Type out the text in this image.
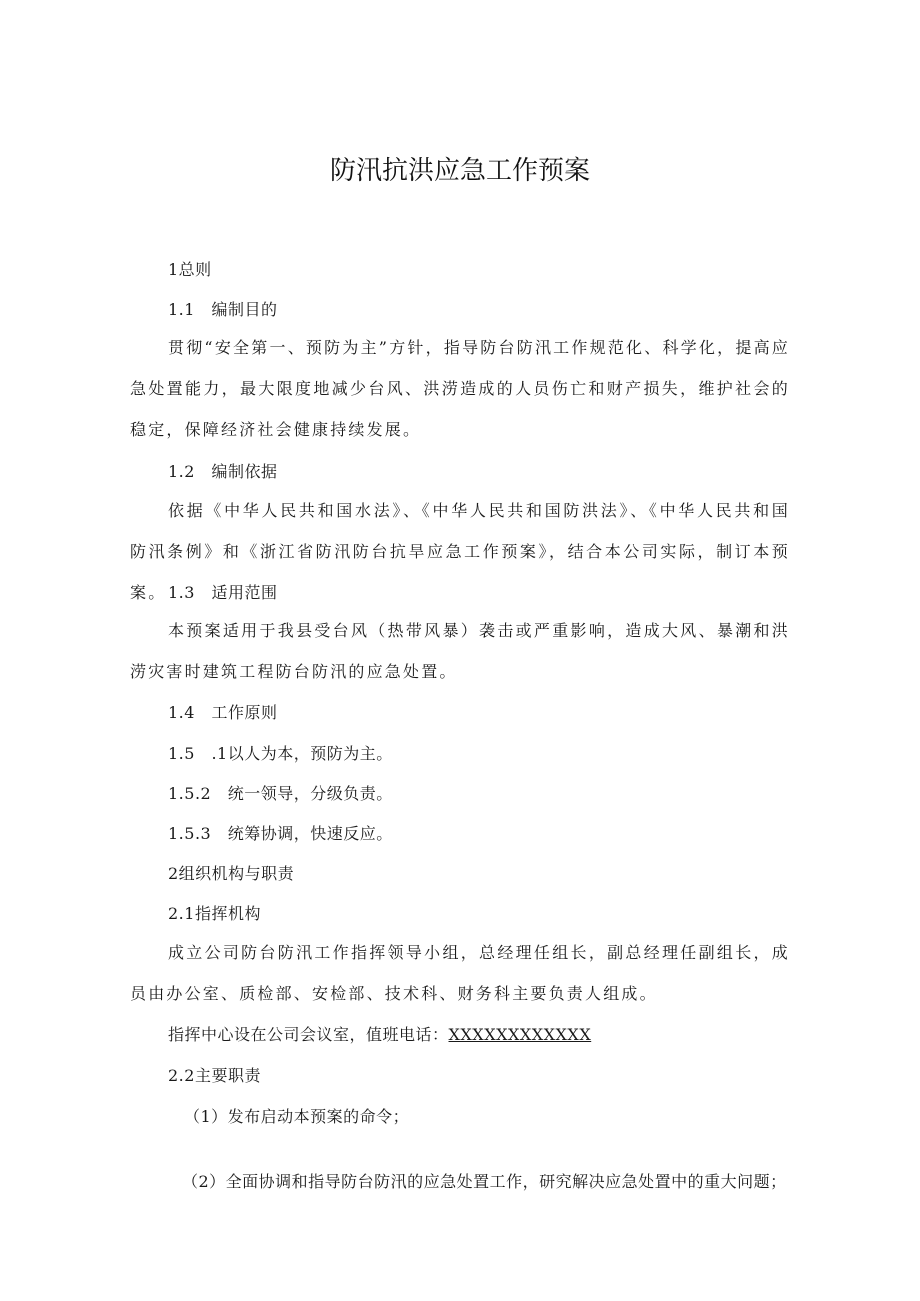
防汛抗洪应急工作预案
1总则
1.1　编制目的
贯彻“安全第一、预防为主”方针，指导防台防汛工作规范化、科学化，提高应急处置能力，最大限度地减少台风、洪涝造成的人员伤亡和财产损失，维护社会的稳定，保障经济社会健康持续发展。
1.2　编制依据
依据《中华人民共和国水法》、《中华人民共和国防洪法》、《中华人民共和国防汛条例》和《浙江省防汛防台抗旱应急工作预案》，结合本公司实际，制订本预案。 1.3　适用范围
本预案适用于我县受台风（热带风暴）袭击或严重影响，造成大风、暴潮和洪涝灾害时建筑工程防台防汛的应急处置。
1.4　工作原则
1.5　.1以人为本，预防为主。
1.5.2　统一领导，分级负责。
1.5.3　统筹协调，快速反应。
2组织机构与职责
2.1指挥机构
成立公司防台防汛工作指挥领导小组，总经理任组长，副总经理任副组长，成员由办公室、质检部、安检部、技术科、财务科主要负责人组成。
指挥中心设在公司会议室，值班电话：XXXXXXXXXXXX
2.2主要职责
（1）发布启动本预案的命令；
（2）全面协调和指导防台防汛的应急处置工作，研究解决应急处置中的重大问题；
